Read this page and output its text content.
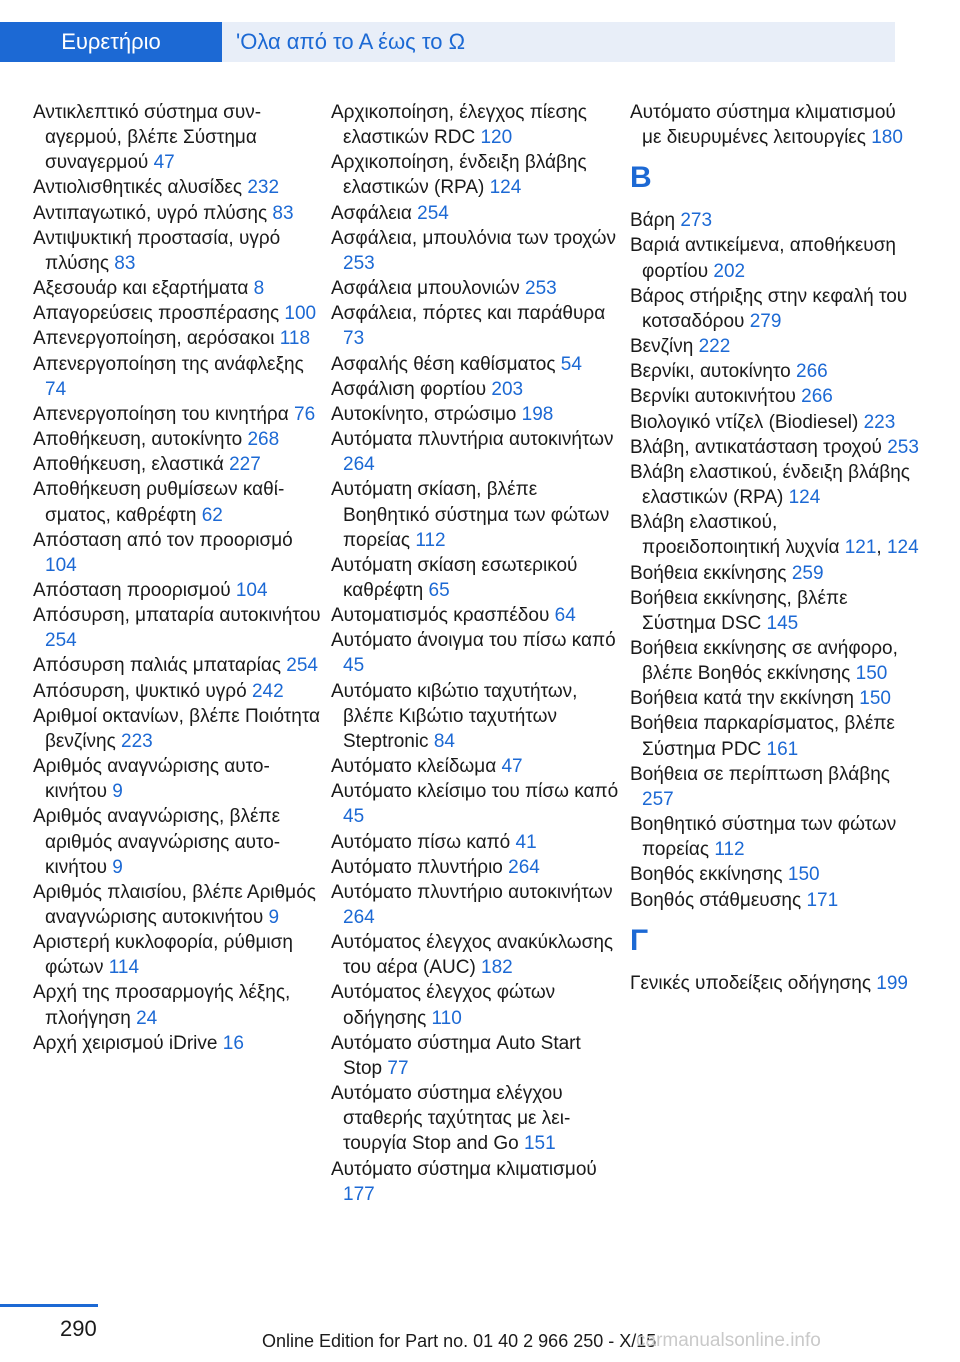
Ευρετήριο	'Ολα από το Α έως το Ω

Αντικλεπτικό σύστημα συναγερμού, βλέπε Σύστημα συναγερμού 47

Αντιολισθητικές αλυσίδες 232

Αντιπαγωτικό, υγρό πλύσης 83

Αντιψυκτική προστασία, υγρό πλύσης 83

Αξεσουάρ και εξαρτήματα 8

Απαγορεύσεις προσπέρασης 100

Απενεργοποίηση, αερόσακοι 118

Απενεργοποίηση της ανάφλεξης 74

Απενεργοποίηση του κινητήρα 76

Αποθήκευση, αυτοκίνητο 268

Αποθήκευση, ελαστικά 227

Αποθήκευση ρυθμίσεων καθίσματος, καθρέφτη 62

Απόσταση από τον προορισμό 104

Απόσταση προορισμού 104

Απόσυρση, μπαταρία αυτοκινήτου 254

Απόσυρση παλιάς μπαταρίας 254

Απόσυρση, ψυκτικό υγρό 242

Αριθμοί οκτανίων, βλέπε Ποιότητα βενζίνης 223

Αριθμός αναγνώρισης αυτοκινήτου 9

Αριθμός αναγνώρισης, βλέπε αριθμός αναγνώρισης αυτοκινήτου 9

Αριθμός πλαισίου, βλέπε Αριθμός αναγνώρισης αυτοκινήτου 9

Αριστερή κυκλοφορία, ρύθμιση φώτων 114

Αρχή της προσαρμογής λέξης, πλοήγηση 24

Αρχή χειρισμού iDrive 16

Αρχικοποίηση, έλεγχος πίεσης ελαστικών RDC 120

Αρχικοποίηση, ένδειξη βλάβης ελαστικών (RPA) 124

Ασφάλεια 254

Ασφάλεια, μπουλόνια των τροχών 253

Ασφάλεια μπουλονιών 253

Ασφάλεια, πόρτες και παράθυρα 73

Ασφαλής θέση καθίσματος 54

Ασφάλιση φορτίου 203

Αυτοκίνητο, στρώσιμο 198

Αυτόματα πλυντήρια αυτοκινήτων 264

Αυτόματη σκίαση, βλέπε Βοηθητικό σύστημα των φώτων πορείας 112

Αυτόματη σκίαση εσωτερικού καθρέφτη 65

Αυτοματισμός κρασπέδου 64

Αυτόματο άνοιγμα του πίσω καπό 45

Αυτόματο κιβώτιο ταχυτήτων, βλέπε Κιβώτιο ταχυτήτων Steptronic 84

Αυτόματο κλείδωμα 47

Αυτόματο κλείσιμο του πίσω καπό 45

Αυτόματο πίσω καπό 41

Αυτόματο πλυντήριο 264

Αυτόματο πλυντήριο αυτοκινήτων 264

Αυτόματος έλεγχος ανακύκλωσης του αέρα (AUC) 182

Αυτόματος έλεγχος φώτων οδήγησης 110

Αυτόματο σύστημα Auto Start Stop 77

Αυτόματο σύστημα ελέγχου σταθερής ταχύτητας με λειτουργία Stop and Go 151

Αυτόματο σύστημα κλιματισμού 177

Αυτόματο σύστημα κλιματισμού με διευρυμένες λειτουργίες 180

B

Βάρη 273

Βαριά αντικείμενα, αποθήκευση φορτίου 202

Βάρος στήριξης στην κεφαλή του κοτσαδόρου 279

Βενζίνη 222

Βερνίκι, αυτοκίνητο 266

Βερνίκι αυτοκινήτου 266

Βιολογικό ντίζελ (Biodiesel) 223

Βλάβη, αντικατάσταση τροχού 253

Βλάβη ελαστικού, ένδειξη βλάβης ελαστικών (RPA) 124

Βλάβη ελαστικού, προειδοποιητική λυχνία 121, 124

Βοήθεια εκκίνησης 259

Βοήθεια εκκίνησης, βλέπε Σύστημα DSC 145

Βοήθεια εκκίνησης σε ανήφορο, βλέπε Βοηθός εκκίνησης 150

Βοήθεια κατά την εκκίνηση 150

Βοήθεια παρκαρίσματος, βλέπε Σύστημα PDC 161

Βοήθεια σε περίπτωση βλάβης 257

Βοηθητικό σύστημα των φώτων πορείας 112

Βοηθός εκκίνησης 150

Βοηθός στάθμευσης 171

Γ

Γενικές υποδείξεις οδήγησης 199

290	Online Edition for Part no. 01 40 2 966 250 - X/15
carmanualsonline.info
